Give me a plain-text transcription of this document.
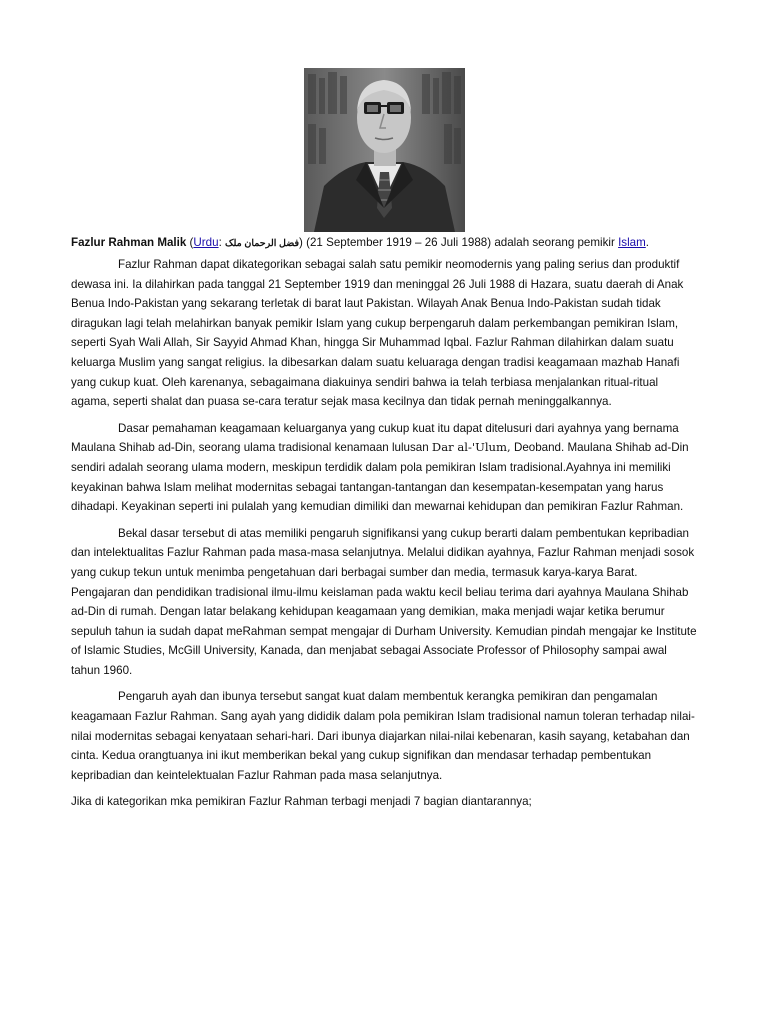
Fazlur Rahman Malik (Urdu: فضل الرحمان ملک) (21 September 1919 – 26 Juli 1988) adalah seorang pemikir Islam.

Fazlur Rahman dapat dikategorikan sebagai salah satu pemikir neomodernis yang paling serius dan produktif dewasa ini. Ia dilahirkan pada tanggal 21 September 1919 dan meninggal 26 Juli 1988 di Hazara, suatu daerah di Anak Benua Indo-Pakistan yang sekarang terletak di barat laut Pakistan. Wilayah Anak Benua Indo-Pakistan sudah tidak diragukan lagi telah melahirkan banyak pemikir Islam yang cukup berpengaruh dalam perkembangan pemikiran Islam, seperti Syah Wali Allah, Sir Sayyid Ahmad Khan, hingga Sir Muhammad Iqbal. Fazlur Rahman dilahirkan dalam suatu keluarga Muslim yang sangat religius. Ia dibesarkan dalam suatu keluaraga dengan tradisi keagamaan mazhab Hanafi yang cukup kuat. Oleh karenanya, sebagaimana diakuinya sendiri bahwa ia telah terbiasa menjalankan ritual-ritual agama, seperti shalat dan puasa se-cara teratur sejak masa kecilnya dan tidak pernah meninggalkannya.

Dasar pemahaman keagamaan keluarganya yang cukup kuat itu dapat ditelusuri dari ayahnya yang bernama Maulana Shihab ad-Din, seorang ulama tradisional kenamaan lulusan Dar al-'Ulum, Deoband. Maulana Shihab ad-Din sendiri adalah seorang ulama modern, meskipun terdidik dalam pola pemikiran Islam tradisional.Ayahnya ini memiliki keyakinan bahwa Islam melihat modernitas sebagai tantangan-tantangan dan kesempatan-kesempatan yang harus dihadapi. Keyakinan seperti ini pulalah yang kemudian dimiliki dan mewarnai kehidupan dan pemikiran Fazlur Rahman.

Bekal dasar tersebut di atas memiliki pengaruh signifikansi yang cukup berarti dalam pembentukan kepribadian dan intelektualitas Fazlur Rahman pada masa-masa selanjutnya. Melalui didikan ayahnya, Fazlur Rahman menjadi sosok yang cukup tekun untuk menimba pengetahuan dari berbagai sumber dan media, termasuk karya-karya Barat. Pengajaran dan pendidikan tradisional ilmu-ilmu keislaman pada waktu kecil beliau terima dari ayahnya Maulana Shihab ad-Din di rumah. Dengan latar belakang kehidupan keagamaan yang demikian, maka menjadi wajar ketika berumur sepuluh tahun ia sudah dapat meRahman sempat mengajar di Durham University. Kemudian pindah mengajar ke Institute of Islamic Studies, McGill University, Kanada, dan menjabat sebagai Associate Professor of Philosophy sampai awal tahun 1960.

Pengaruh ayah dan ibunya tersebut sangat kuat dalam membentuk kerangka pemikiran dan pengamalan keagamaan Fazlur Rahman. Sang ayah yang dididik dalam pola pemikiran Islam tradisional namun toleran terhadap nilai-nilai modernitas sebagai kenyataan sehari-hari. Dari ibunya diajarkan nilai-nilai kebenaran, kasih sayang, ketabahan dan cinta. Kedua orangtuanya ini ikut memberikan bekal yang cukup signifikan dan mendasar terhadap pembentukan kepribadian dan keintelektualan Fazlur Rahman pada masa selanjutnya.

Jika di kategorikan mka pemikiran Fazlur Rahman terbagi menjadi 7 bagian diantarannya;
